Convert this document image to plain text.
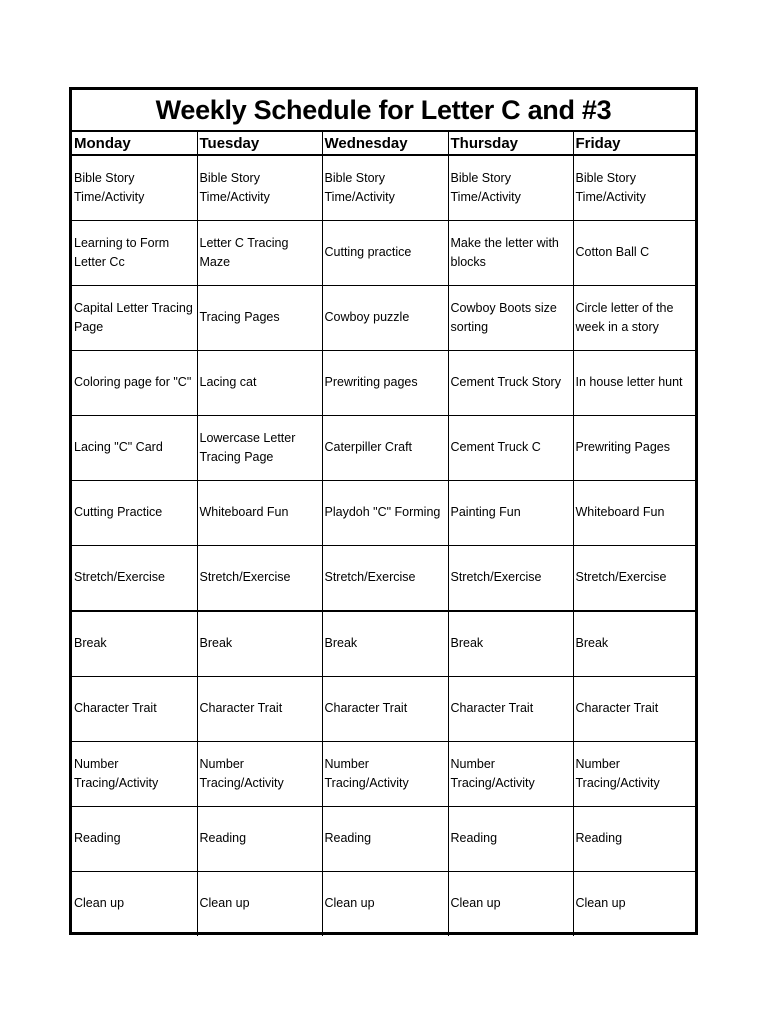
Weekly Schedule for Letter C and #3
Monday	Tuesday	Wednesday	Thursday	Friday
Bible Story Time/Activity	Bible Story Time/Activity	Bible Story Time/Activity	Bible Story Time/Activity	Bible Story Time/Activity
Learning to Form Letter Cc	Letter C Tracing Maze	Cutting practice	Make the letter with blocks	Cotton Ball C
Capital Letter Tracing Page	Tracing Pages	Cowboy puzzle	Cowboy Boots size sorting	Circle letter of the week in a story
Coloring page for "C"	Lacing cat	Prewriting pages	Cement Truck Story	In house letter hunt
Lacing "C" Card	Lowercase Letter Tracing Page	Caterpiller Craft	Cement Truck C	Prewriting Pages
Cutting Practice	Whiteboard Fun	Playdoh "C" Forming	Painting Fun	Whiteboard Fun
Stretch/Exercise	Stretch/Exercise	Stretch/Exercise	Stretch/Exercise	Stretch/Exercise
Break	Break	Break	Break	Break
Character Trait	Character Trait	Character Trait	Character Trait	Character Trait
Number Tracing/Activity	Number Tracing/Activity	Number Tracing/Activity	Number Tracing/Activity	Number Tracing/Activity
Reading	Reading	Reading	Reading	Reading
Clean up	Clean up	Clean up	Clean up	Clean up
